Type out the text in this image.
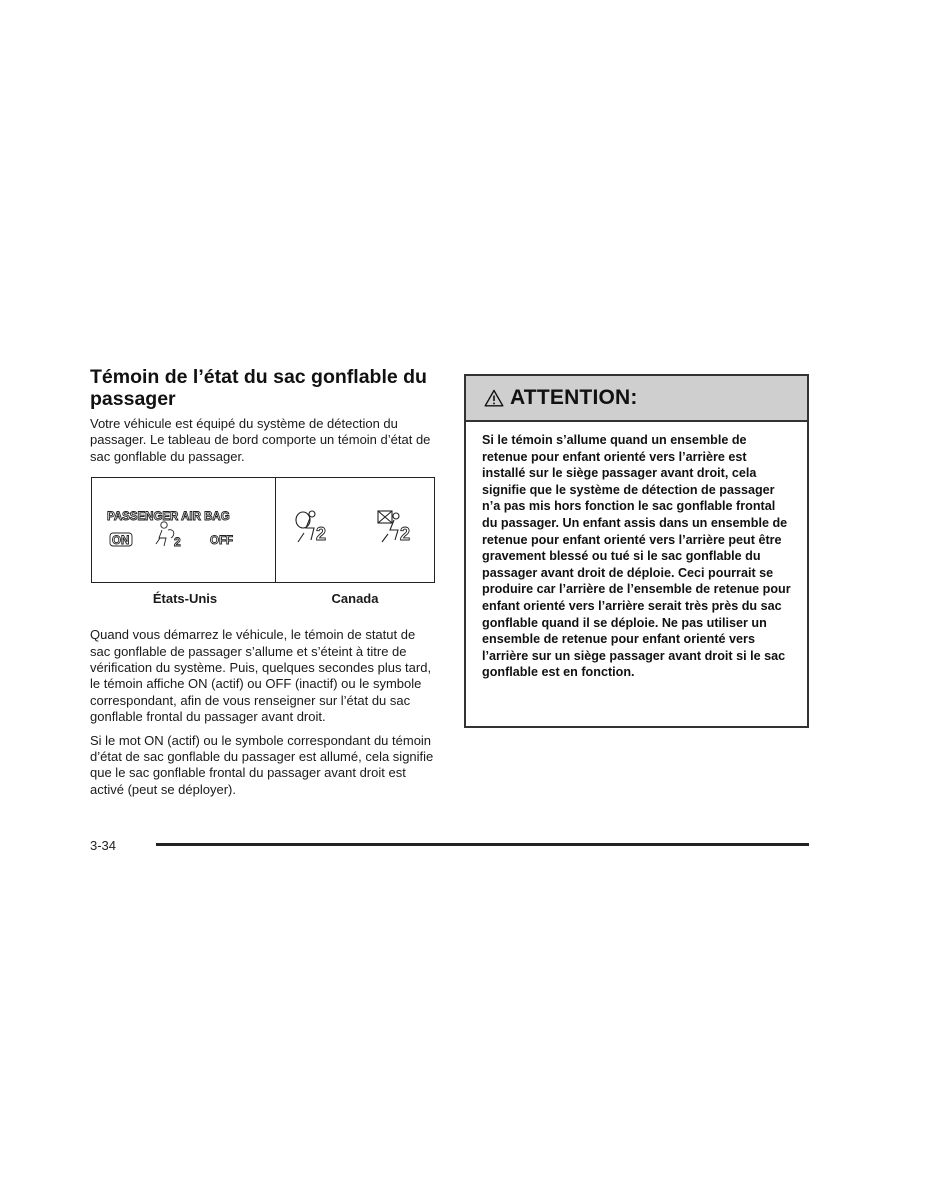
Témoin de l’état du sac gonflable du passager

Votre véhicule est équipé du système de détection du passager. Le tableau de bord comporte un témoin d’état de sac gonflable du passager.

PASSENGER AIR BAG
ON	2	OFF	2	2
États-Unis	Canada

Quand vous démarrez le véhicule, le témoin de statut de sac gonflable de passager s’allume et s’éteint à titre de vérification du système. Puis, quelques secondes plus tard, le témoin affiche ON (actif) ou OFF (inactif) ou le symbole correspondant, afin de vous renseigner sur l’état du sac gonflable frontal du passager avant droit.

Si le mot ON (actif) ou le symbole correspondant du témoin d’état de sac gonflable du passager est allumé, cela signifie que le sac gonflable frontal du passager avant droit est activé (peut se déployer).

ATTENTION:
Si le témoin s’allume quand un ensemble de retenue pour enfant orienté vers l’arrière est installé sur le siège passager avant droit, cela signifie que le système de détection de passager n’a pas mis hors fonction le sac gonflable frontal du passager. Un enfant assis dans un ensemble de retenue pour enfant orienté vers l’arrière peut être gravement blessé ou tué si le sac gonflable du passager avant droit de déploie. Ceci pourrait se produire car l’arrière de l’ensemble de retenue pour enfant orienté vers l’arrière serait très près du sac gonflable quand il se déploie. Ne pas utiliser un ensemble de retenue pour enfant orienté vers l’arrière sur un siège passager avant droit si le sac gonflable est en fonction.
3-34
